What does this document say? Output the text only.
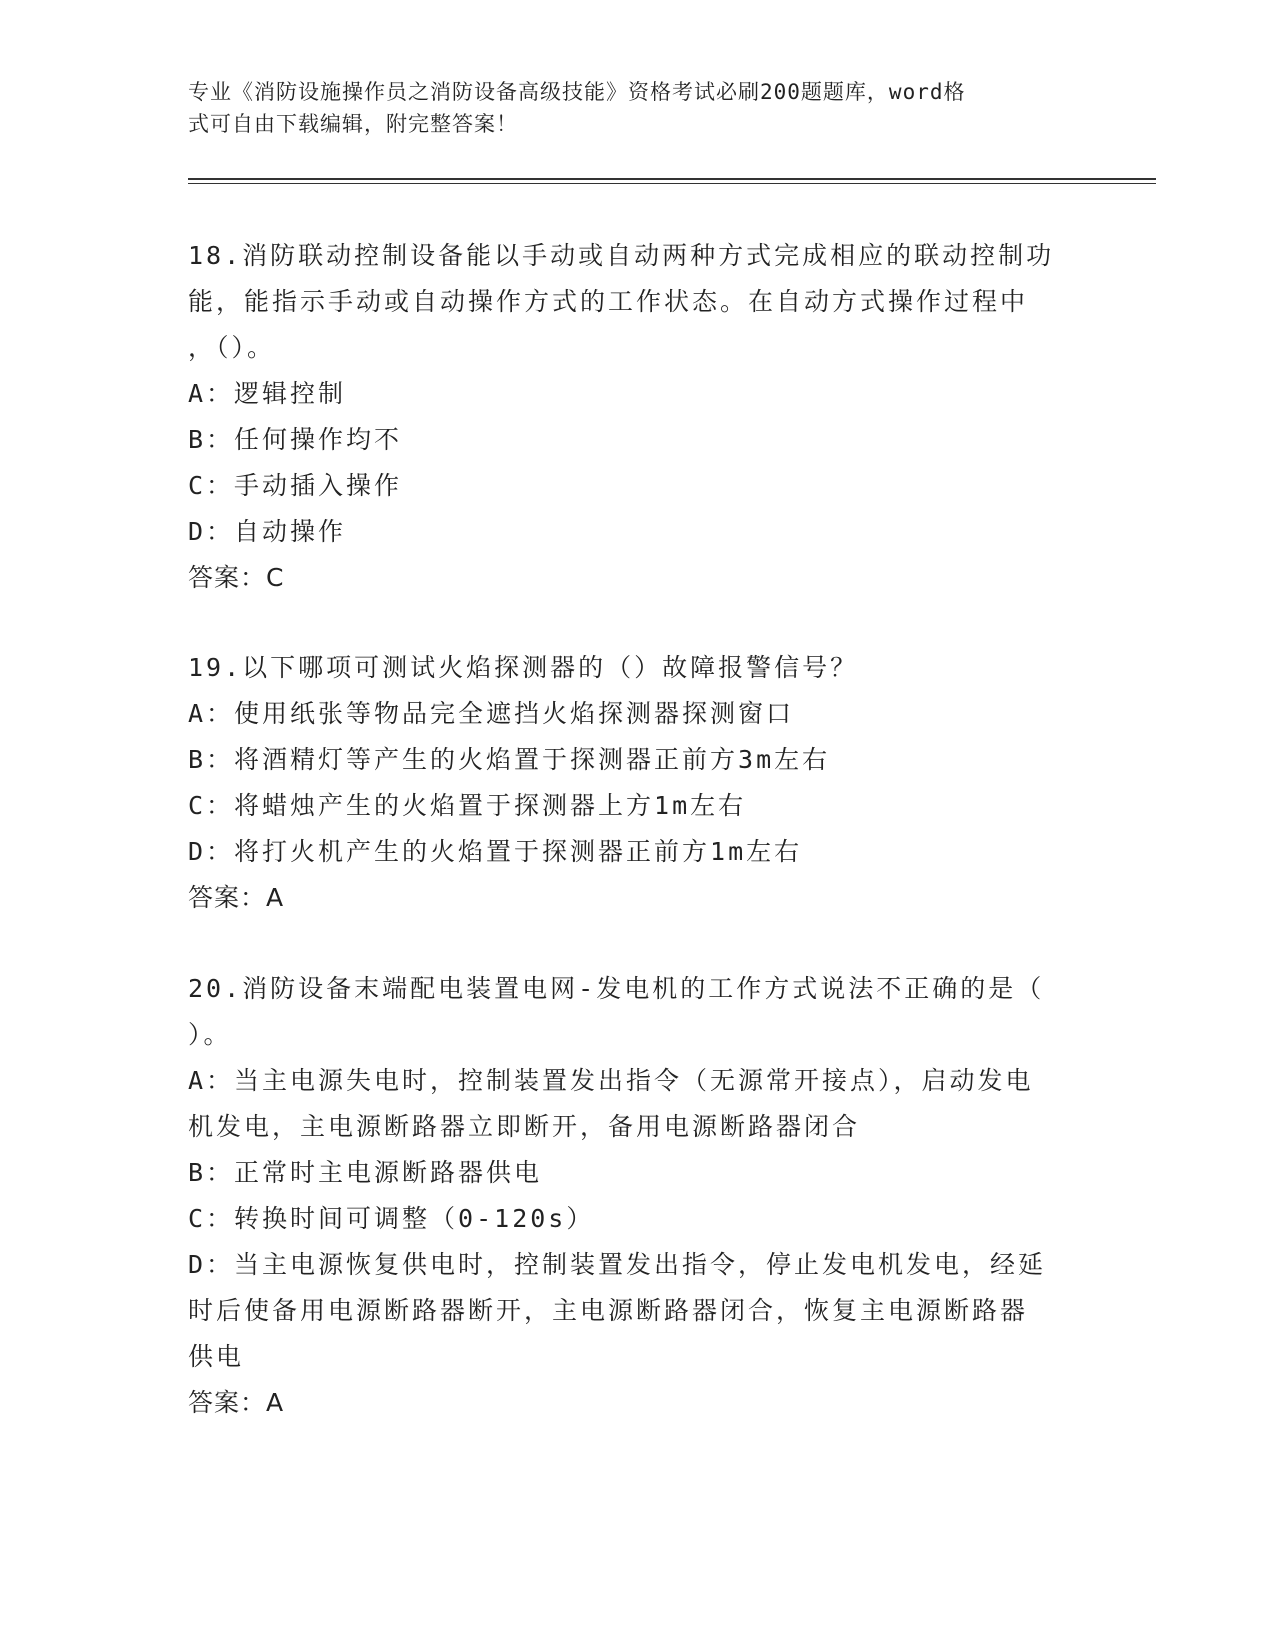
专业《消防设施操作员之消防设备高级技能》资格考试必刷200题题库，word格

式可自由下载编辑，附完整答案！

18.消防联动控制设备能以手动或自动两种方式完成相应的联动控制功

能，能指示手动或自动操作方式的工作状态。在自动方式操作过程中

，（）。

A：逻辑控制

B：任何操作均不

C：手动插入操作

D：自动操作

答案：C

19.以下哪项可测试火焰探测器的（）故障报警信号？

A：使用纸张等物品完全遮挡火焰探测器探测窗口

B：将酒精灯等产生的火焰置于探测器正前方3m左右

C：将蜡烛产生的火焰置于探测器上方1m左右

D：将打火机产生的火焰置于探测器正前方1m左右

答案：A

20.消防设备末端配电装置电网-发电机的工作方式说法不正确的是（

）。

A：当主电源失电时，控制装置发出指令（无源常开接点），启动发电

机发电，主电源断路器立即断开，备用电源断路器闭合

B：正常时主电源断路器供电

C：转换时间可调整（0-120s）

D：当主电源恢复供电时，控制装置发出指令，停止发电机发电，经延

时后使备用电源断路器断开，主电源断路器闭合，恢复主电源断路器

供电

答案：A
